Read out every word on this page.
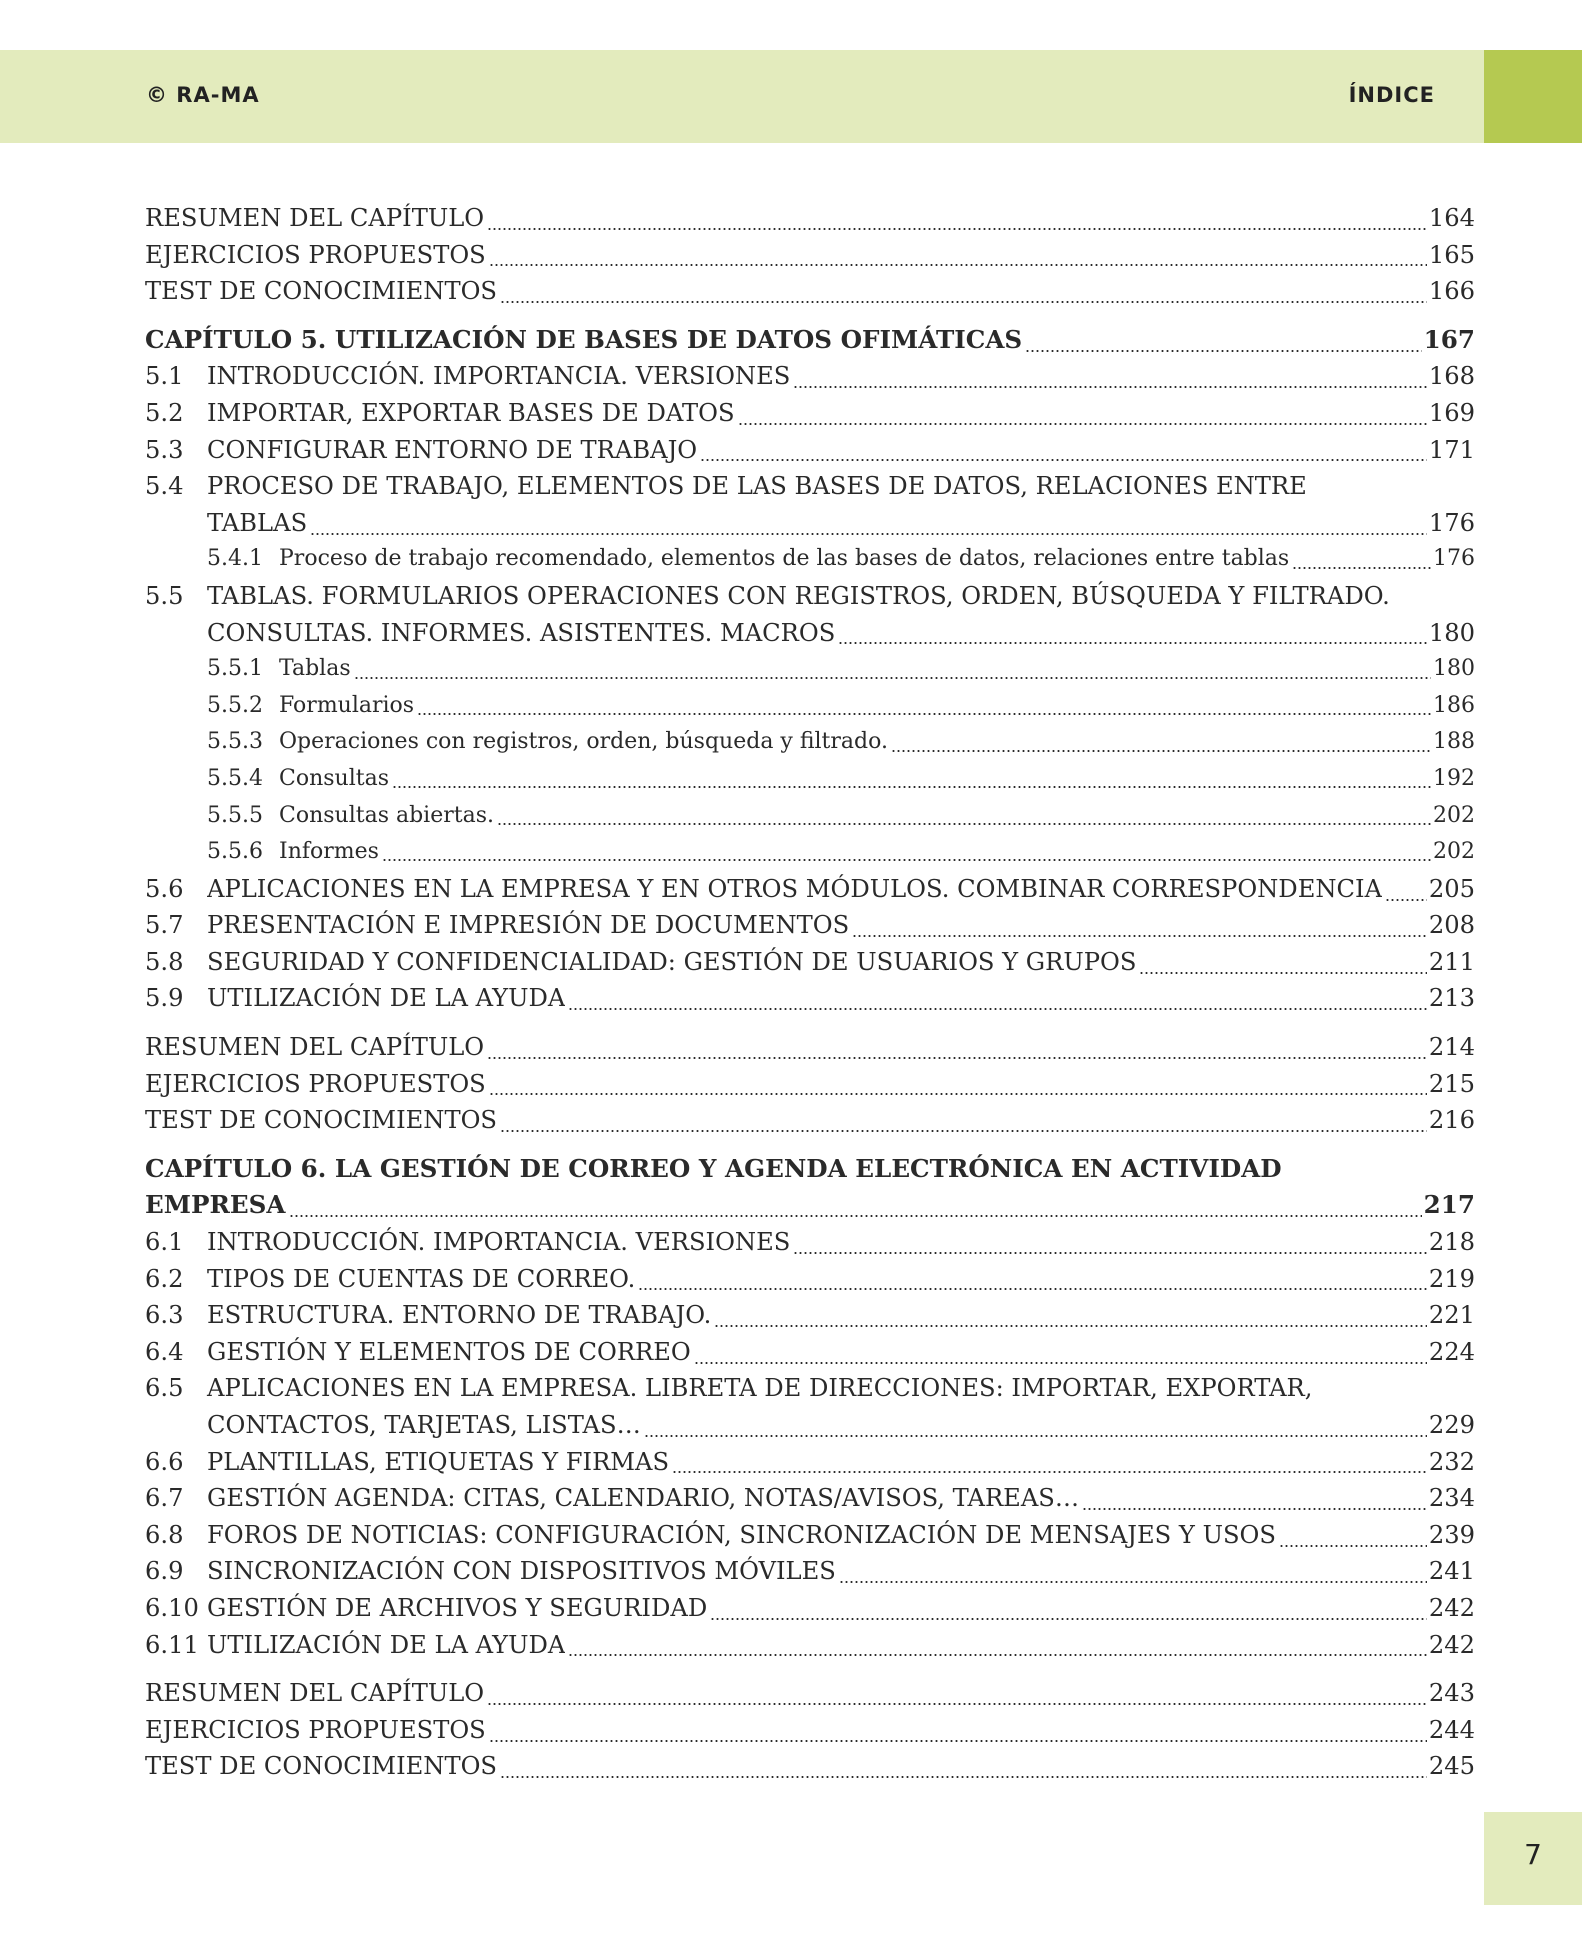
© RA-MA	ÍNDICE
RESUMEN DEL CAPÍTULO	164
EJERCICIOS PROPUESTOS	165
TEST DE CONOCIMIENTOS	166
CAPÍTULO 5. UTILIZACIÓN DE BASES DE DATOS OFIMÁTICAS	167
5.1 INTRODUCCIÓN. IMPORTANCIA. VERSIONES	168
5.2 IMPORTAR, EXPORTAR BASES DE DATOS	169
5.3 CONFIGURAR ENTORNO DE TRABAJO	171
5.4 PROCESO DE TRABAJO, ELEMENTOS DE LAS BASES DE DATOS, RELACIONES ENTRE
TABLAS	176
5.4.1 Proceso de trabajo recomendado, elementos de las bases de datos, relaciones entre tablas	176
5.5 TABLAS. FORMULARIOS OPERACIONES CON REGISTROS, ORDEN, BÚSQUEDA Y FILTRADO.
CONSULTAS. INFORMES. ASISTENTES. MACROS	180
5.5.1 Tablas	180
5.5.2 Formularios	186
5.5.3 Operaciones con registros, orden, búsqueda y filtrado.	188
5.5.4 Consultas	192
5.5.5 Consultas abiertas.	202
5.5.6 Informes	202
5.6 APLICACIONES EN LA EMPRESA Y EN OTROS MÓDULOS. COMBINAR CORRESPONDENCIA 205
5.7 PRESENTACIÓN E IMPRESIÓN DE DOCUMENTOS	208
5.8 SEGURIDAD Y CONFIDENCIALIDAD: GESTIÓN DE USUARIOS Y GRUPOS	211
5.9 UTILIZACIÓN DE LA AYUDA	213
RESUMEN DEL CAPÍTULO	214
EJERCICIOS PROPUESTOS	215
TEST DE CONOCIMIENTOS	216
CAPÍTULO 6. LA GESTIÓN DE CORREO Y AGENDA ELECTRÓNICA EN ACTIVIDAD
EMPRESA	217
6.1 INTRODUCCIÓN. IMPORTANCIA. VERSIONES	218
6.2 TIPOS DE CUENTAS DE CORREO.	219
6.3 ESTRUCTURA. ENTORNO DE TRABAJO.	221
6.4 GESTIÓN Y ELEMENTOS DE CORREO	224
6.5 APLICACIONES EN LA EMPRESA. LIBRETA DE DIRECCIONES: IMPORTAR, EXPORTAR,
CONTACTOS, TARJETAS, LISTAS…	229
6.6 PLANTILLAS, ETIQUETAS Y FIRMAS	232
6.7 GESTIÓN AGENDA: CITAS, CALENDARIO, NOTAS/AVISOS, TAREAS…	234
6.8 FOROS DE NOTICIAS: CONFIGURACIÓN, SINCRONIZACIÓN DE MENSAJES Y USOS	239
6.9 SINCRONIZACIÓN CON DISPOSITIVOS MÓVILES	241
6.10 GESTIÓN DE ARCHIVOS Y SEGURIDAD	242
6.11 UTILIZACIÓN DE LA AYUDA	242
RESUMEN DEL CAPÍTULO	243
EJERCICIOS PROPUESTOS	244
TEST DE CONOCIMIENTOS	245
7
